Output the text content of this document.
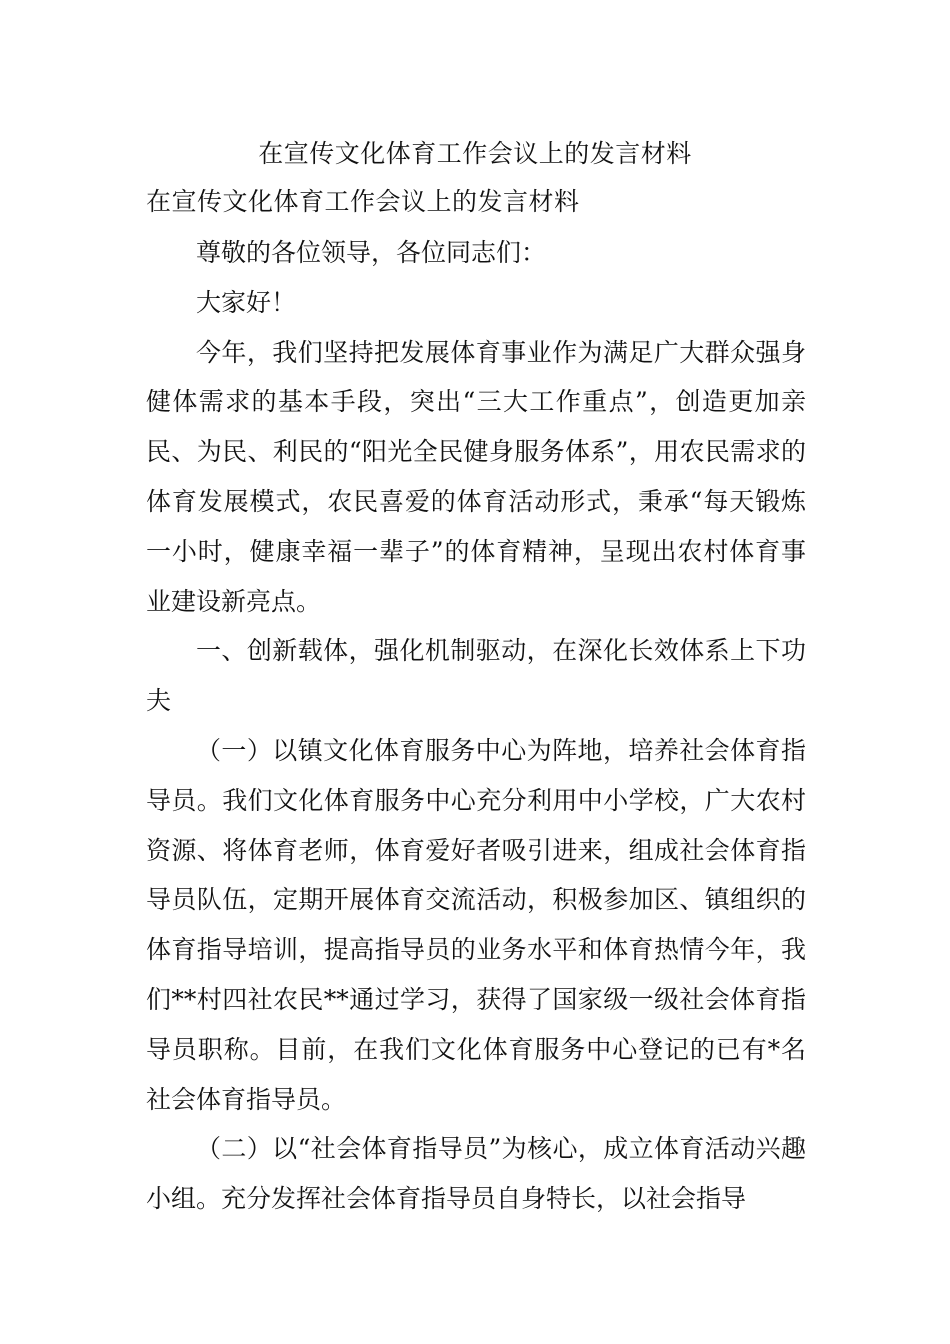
在宣传文化体育工作会议上的发言材料
在宣传文化体育工作会议上的发言材料

尊敬的各位领导，各位同志们：

大家好！

今年，我们坚持把发展体育事业作为满足广大群众强身健体需求的基本手段，突出“三大工作重点”，创造更加亲民、为民、利民的“阳光全民健身服务体系”，用农民需求的体育发展模式，农民喜爱的体育活动形式，秉承“每天锻炼一小时，健康幸福一辈子”的体育精神，呈现出农村体育事业建设新亮点。

一、创新载体，强化机制驱动，在深化长效体系上下功夫

（一）以镇文化体育服务中心为阵地，培养社会体育指导员。我们文化体育服务中心充分利用中小学校，广大农村资源、将体育老师，体育爱好者吸引进来，组成社会体育指导员队伍，定期开展体育交流活动，积极参加区、镇组织的体育指导培训，提高指导员的业务水平和体育热情今年，我们**村四社农民**通过学习，获得了国家级一级社会体育指导员职称。目前，在我们文化体育服务中心登记的已有*名社会体育指导员。

（二）以“社会体育指导员”为核心，成立体育活动兴趣小组。充分发挥社会体育指导员自身特长，以社会指导
